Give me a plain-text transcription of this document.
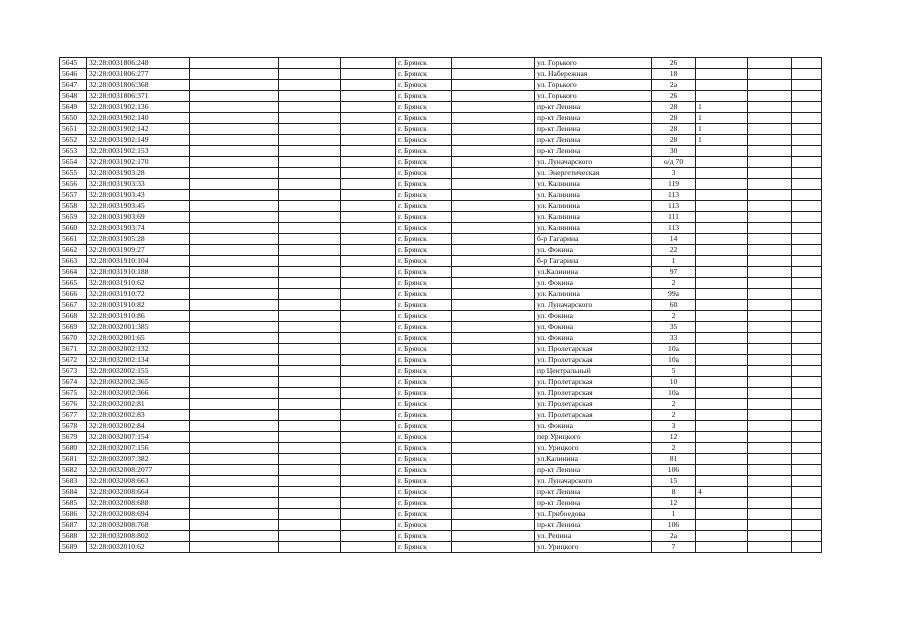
5645	32:28:0031806:248				г. Брянск		ул. Горького	26			
5646	32:28:0031806:277				г. Брянск		ул. Набережная	18			
5647	32:28:0031806:368				г. Брянск		ул. Горького	2а			
5648	32:28:0031806:371				г. Брянск		ул. Горького	26			
5649	32:28:0031902:136				г. Брянск		пр-кт Ленина	28	1		
5650	32:28:0031902:140				г. Брянск		пр-кт Ленина	28	1		
5651	32:28:0031902:142				г. Брянск		пр-кт Ленина	28	1		
5652	32:28:0031902:149				г. Брянск		пр-кт Ленина	28	1		
5653	32:28:0031902:153				г. Брянск		пр-кт Ленина	30			
5654	32:28:0031902:170				г. Брянск		ул. Луначарского	о/д 70			
5655	32:28:0031903:28				г. Брянск		ул. Энергетическая	3			
5656	32:28:0031903:33				г. Брянск		ул. Калинина	119			
5657	32:28:0031903:43				г. Брянск		ул. Калинина	113			
5658	32:28:0031903:45				г. Брянск		ул. Калинина	113			
5659	32:28:0031903:69				г. Брянск		ул. Калинина	111			
5660	32:28:0031903:74				г. Брянск		ул. Калинина	113			
5661	32:28:0031905:28				г. Брянск		б-р Гагарина	14			
5662	32:28:0031909:27				г. Брянск		ул. Фокина	22			
5663	32:28:0031910:104				г. Брянск		б-р Гагарина	1			
5664	32:28:0031910:188				г. Брянск		ул.Калинина	97			
5665	32:28:0031910:62				г. Брянск		ул. Фокина	2			
5666	32:28:0031910:72				г. Брянск		ул. Калинина	99а			
5667	32:28:0031910:82				г. Брянск		ул. Луначарского	60			
5668	32:28:0031910:86				г. Брянск		ул. Фокина	2			
5669	32:28:0032001:385				г. Брянск		ул. Фокина	35			
5670	32:28:0032001:65				г. Брянск		ул. Фокина	33			
5671	32:28:0032002:132				г. Брянск		ул. Пролетарская	10а			
5672	32:28:0032002:134				г. Брянск		ул. Пролетарская	10а			
5673	32:28:0032002:155				г. Брянск		пр Центральный	5			
5674	32:28:0032002:365				г. Брянск		ул. Пролетарская	10			
5675	32:28:0032002:366				г. Брянск		ул. Пролетарская	10а			
5676	32:28:0032002:81				г. Брянск		ул. Пролетарская	2			
5677	32:28:0032002:83				г. Брянск		ул. Пролетарская	2			
5678	32:28:0032002:84				г. Брянск		ул. Фокина	3			
5679	32:28:0032007:154				г. Брянск		пер Урицкого	12			
5680	32:28:0032007:156				г. Брянск		ул. Урицкого	2			
5681	32:28:0032007:382				г. Брянск		ул.Калинина	81			
5682	32:28:0032008:2077				г. Брянск		пр-кт Ленина	106			
5683	32:28:0032008:663				г. Брянск		ул. Луначарского	15			
5684	32:28:0032008:664				г. Брянск		пр-кт Ленина	8	4		
5685	32:28:0032008:688				г. Брянск		пр-кт Ленина	12			
5686	32:28:0032008:694				г. Брянск		ул. Грибоедова	1			
5687	32:28:0032008:768				г. Брянск		пр-кт Ленина	106			
5688	32:28:0032008:802				г. Брянск		ул. Репина	2а			
5689	32:28:0032010:62				г. Брянск		ул. Урицкого	7			
